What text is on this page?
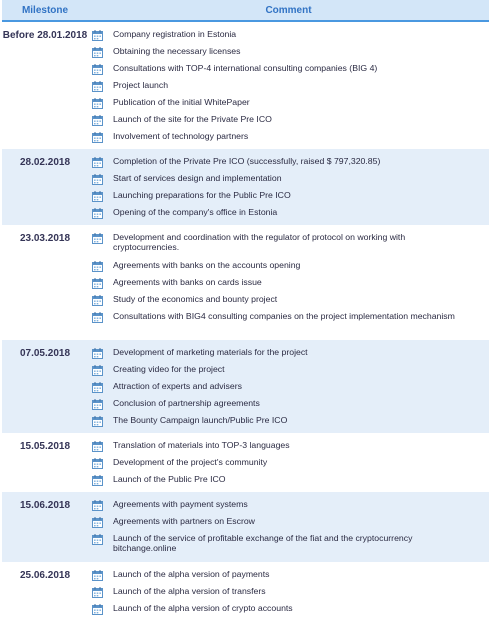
Milestone	Comment
Before 28.01.2018	Company registration in Estonia
Obtaining the necessary licenses
Consultations with TOP-4 international consulting companies (BIG 4)
Project launch
Publication of the initial WhitePaper
Launch of the site for the Private Pre ICO
Involvement of technology partners
28.02.2018	Completion of the Private Pre ICO (successfully, raised $ 797,320.85)
Start of services design and implementation
Launching preparations for the Public Pre ICO
Opening of the company's office in Estonia
23.03.2018	Development and coordination with the regulator of protocol on working with cryptocurrencies.
Agreements with banks on the accounts opening
Agreements with banks on cards issue
Study of the economics and bounty project
Consultations with BIG4 consulting companies on the project implementation mechanism
07.05.2018	Development of marketing materials for the project
Creating video for the project
Attraction of experts and advisers
Conclusion of partnership agreements
The Bounty Campaign launch/Public Pre ICO
15.05.2018	Translation of materials into TOP-3 languages
Development of the project's community
Launch of the Public Pre ICO
15.06.2018	Agreements with payment systems
Agreements with partners on Escrow
Launch of the service of profitable exchange of the fiat and the cryptocurrency bitchange.online
25.06.2018	Launch of the alpha version of payments
Launch of the alpha version of transfers
Launch of the alpha version of crypto accounts
